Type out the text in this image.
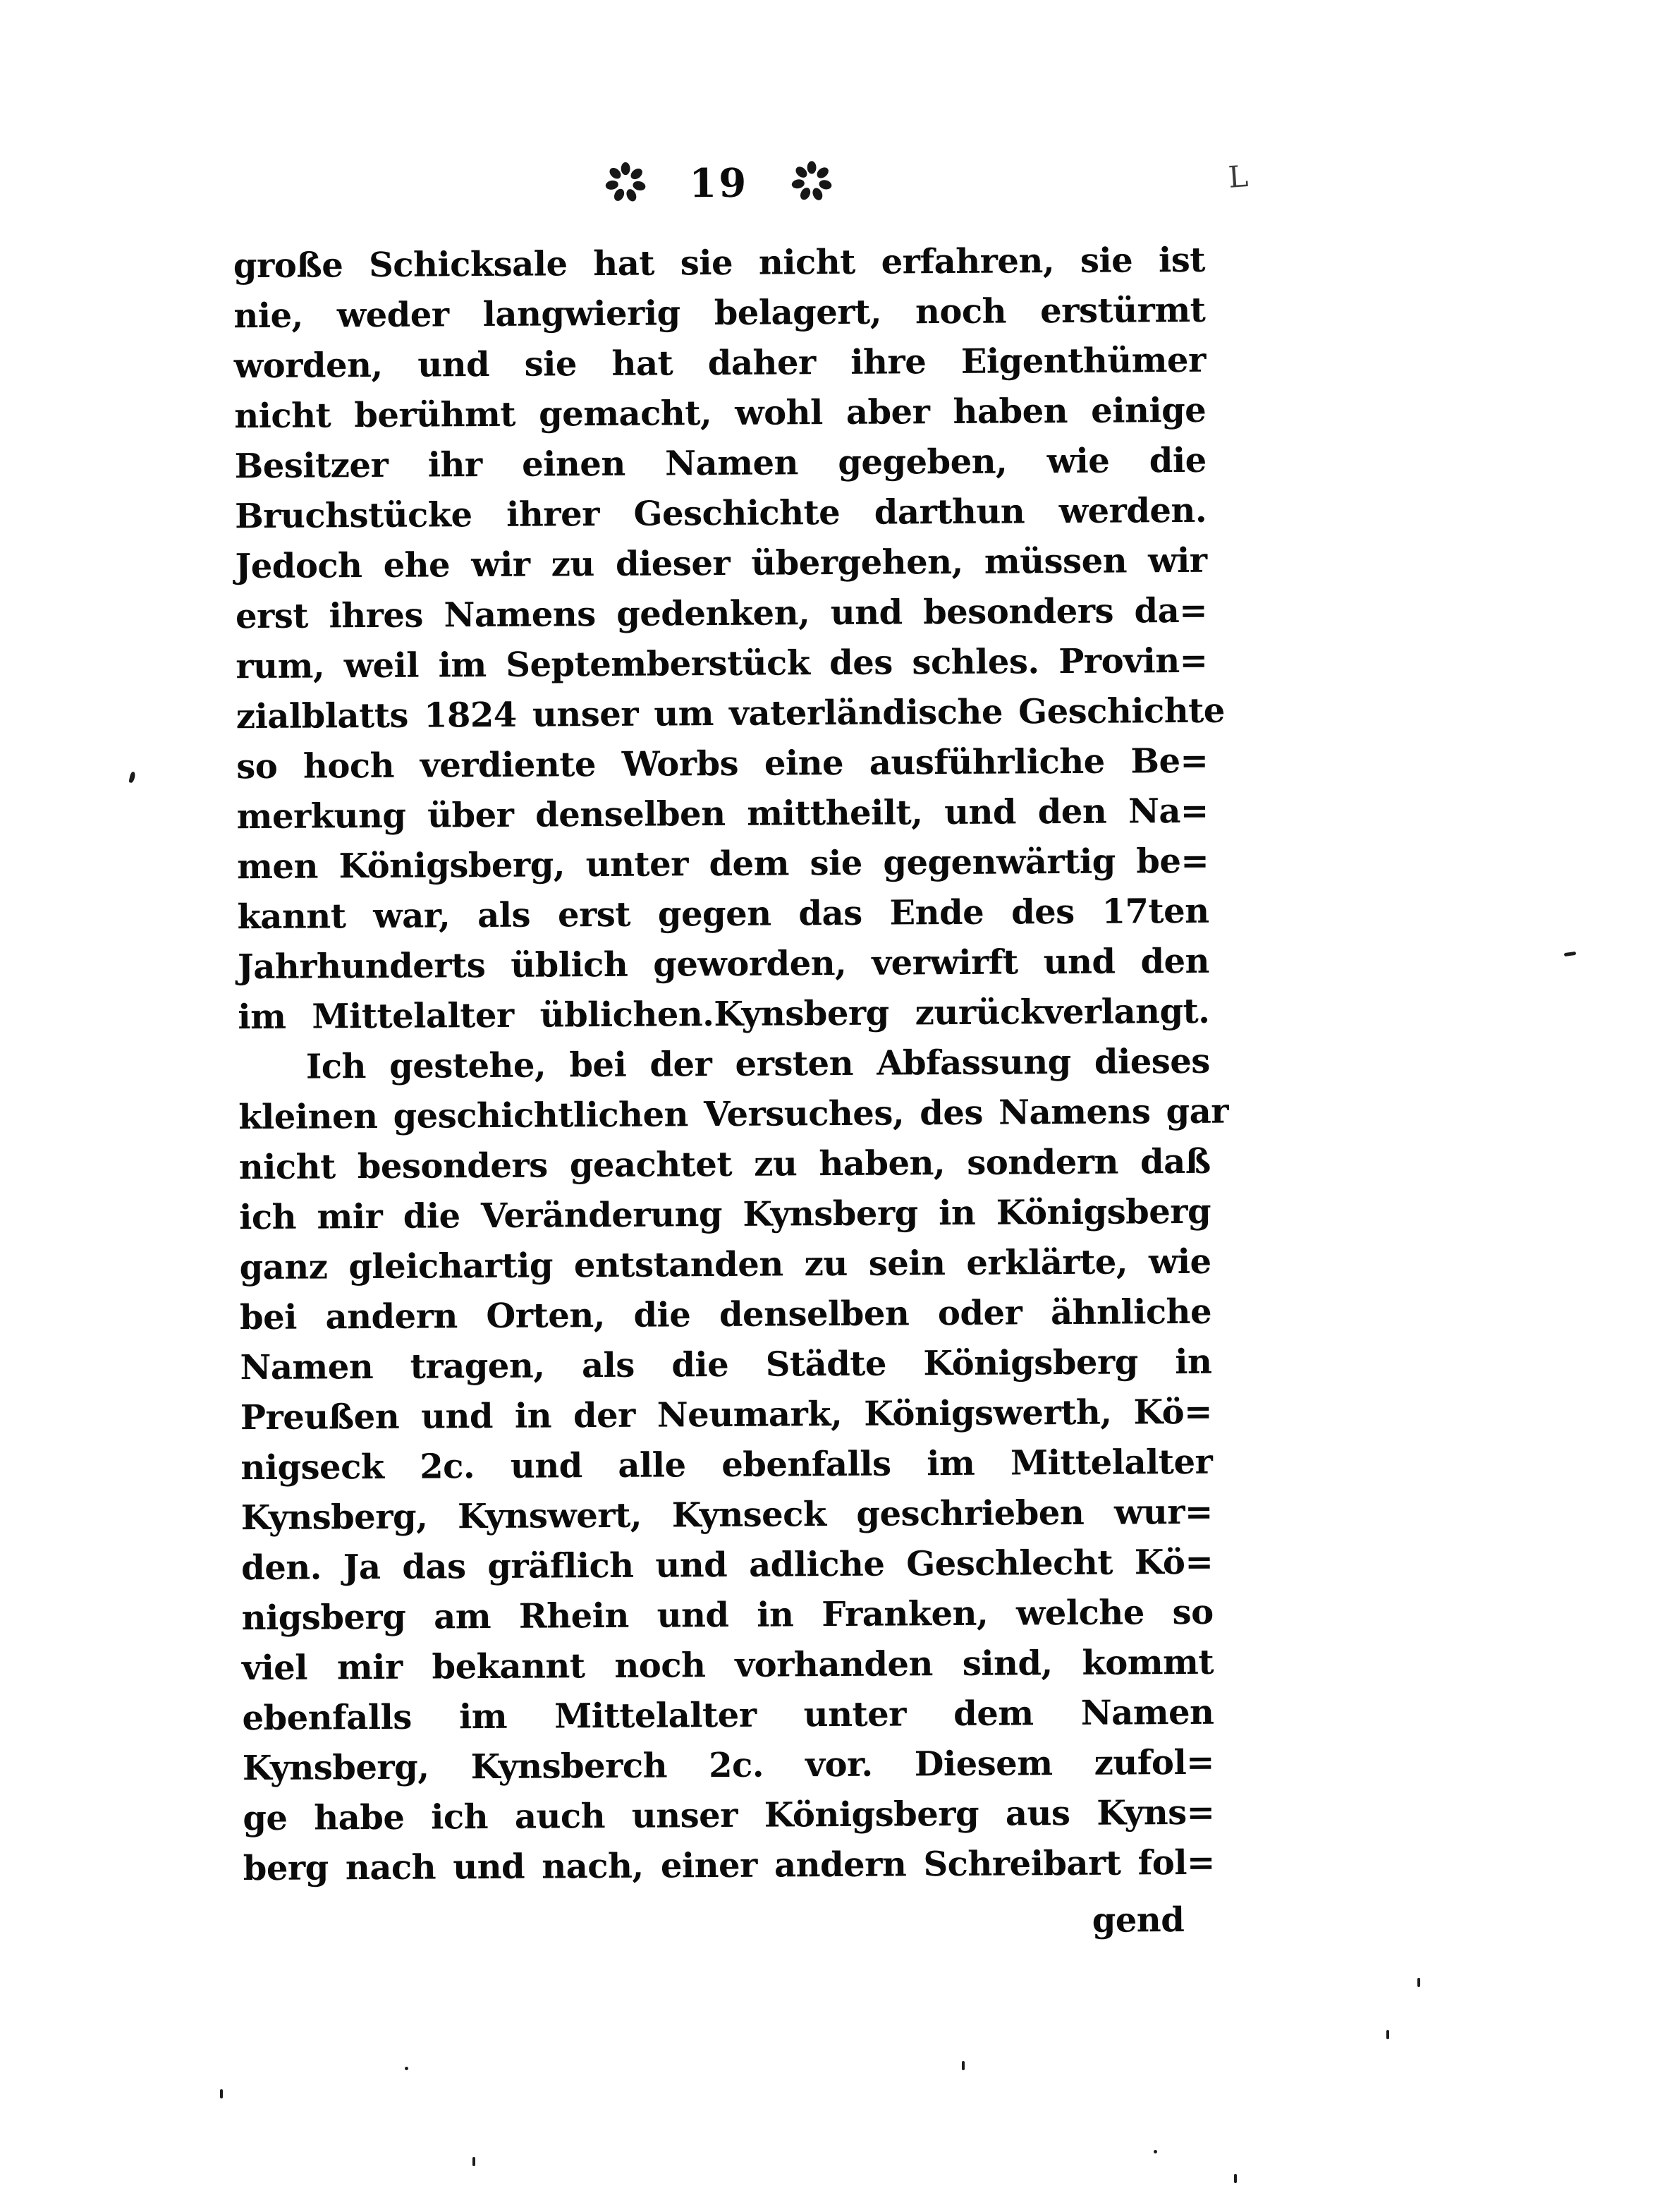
19
große Schicksale hat sie nicht erfahren, sie ist
nie, weder langwierig belagert, noch erstürmt
worden, und sie hat daher ihre Eigenthümer
nicht berühmt gemacht, wohl aber haben einige
Besitzer ihr einen Namen gegeben, wie die
Bruchstücke ihrer Geschichte darthun werden.
Jedoch ehe wir zu dieser übergehen, müssen wir
erst ihres Namens gedenken, und besonders da=
rum, weil im Septemberstück des schles. Provin=
zialblatts 1824 unser um vaterländische Geschichte
so hoch verdiente Worbs eine ausführliche Be=
merkung über denselben mittheilt, und den Na=
men Königsberg, unter dem sie gegenwärtig be=
kannt war, als erst gegen das Ende des 17ten
Jahrhunderts üblich geworden, verwirft und den
im Mittelalter üblichen.Kynsberg zurückverlangt.
Ich gestehe, bei der ersten Abfassung dieses
kleinen geschichtlichen Versuches, des Namens gar
nicht besonders geachtet zu haben, sondern daß
ich mir die Veränderung Kynsberg in Königsberg
ganz gleichartig entstanden zu sein erklärte, wie
bei andern Orten, die denselben oder ähnliche
Namen tragen, als die Städte Königsberg in
Preußen und in der Neumark, Königswerth, Kö=
nigseck 2c. und alle ebenfalls im Mittelalter
Kynsberg, Kynswert, Kynseck geschrieben wur=
den. Ja das gräflich und adliche Geschlecht Kö=
nigsberg am Rhein und in Franken, welche so
viel mir bekannt noch vorhanden sind, kommt
ebenfalls im Mittelalter unter dem Namen
Kynsberg, Kynsberch 2c. vor. Diesem zufol=
ge habe ich auch unser Königsberg aus Kyns=
berg nach und nach, einer andern Schreibart fol=
gend
L
